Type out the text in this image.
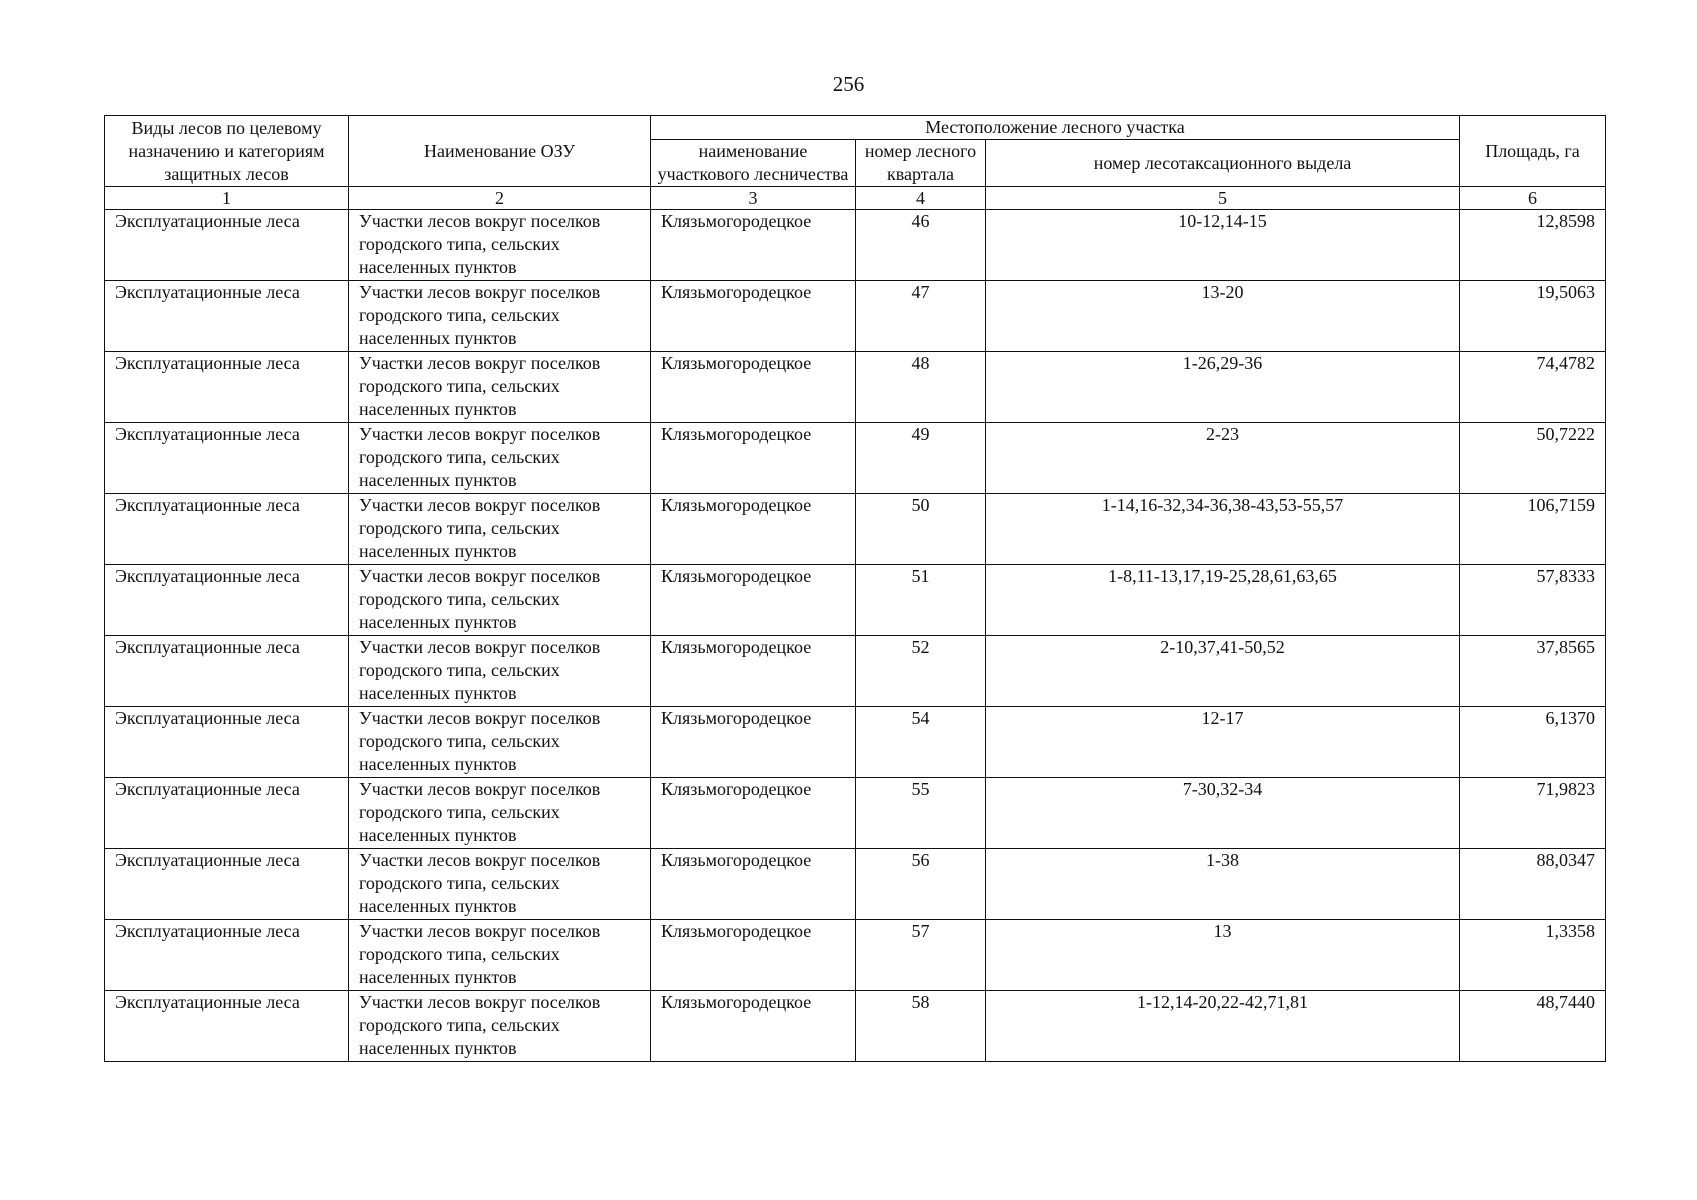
256
Виды лесов по целевому назначению и категориям защитных лесов	Наименование ОЗУ	Местоположение лесного участка			Площадь, га
		наименование участкового лесничества	номер лесного квартала	номер лесотаксационного выдела	
1	2	3	4	5	6
Эксплуатационные леса	Участки лесов вокруг поселков городского типа, сельских населенных пунктов	Клязьмогородецкое	46	10-12,14-15	12,8598
Эксплуатационные леса	Участки лесов вокруг поселков городского типа, сельских населенных пунктов	Клязьмогородецкое	47	13-20	19,5063
Эксплуатационные леса	Участки лесов вокруг поселков городского типа, сельских населенных пунктов	Клязьмогородецкое	48	1-26,29-36	74,4782
Эксплуатационные леса	Участки лесов вокруг поселков городского типа, сельских населенных пунктов	Клязьмогородецкое	49	2-23	50,7222
Эксплуатационные леса	Участки лесов вокруг поселков городского типа, сельских населенных пунктов	Клязьмогородецкое	50	1-14,16-32,34-36,38-43,53-55,57	106,7159
Эксплуатационные леса	Участки лесов вокруг поселков городского типа, сельских населенных пунктов	Клязьмогородецкое	51	1-8,11-13,17,19-25,28,61,63,65	57,8333
Эксплуатационные леса	Участки лесов вокруг поселков городского типа, сельских населенных пунктов	Клязьмогородецкое	52	2-10,37,41-50,52	37,8565
Эксплуатационные леса	Участки лесов вокруг поселков городского типа, сельских населенных пунктов	Клязьмогородецкое	54	12-17	6,1370
Эксплуатационные леса	Участки лесов вокруг поселков городского типа, сельских населенных пунктов	Клязьмогородецкое	55	7-30,32-34	71,9823
Эксплуатационные леса	Участки лесов вокруг поселков городского типа, сельских населенных пунктов	Клязьмогородецкое	56	1-38	88,0347
Эксплуатационные леса	Участки лесов вокруг поселков городского типа, сельских населенных пунктов	Клязьмогородецкое	57	13	1,3358
Эксплуатационные леса	Участки лесов вокруг поселков городского типа, сельских населенных пунктов	Клязьмогородецкое	58	1-12,14-20,22-42,71,81	48,7440
